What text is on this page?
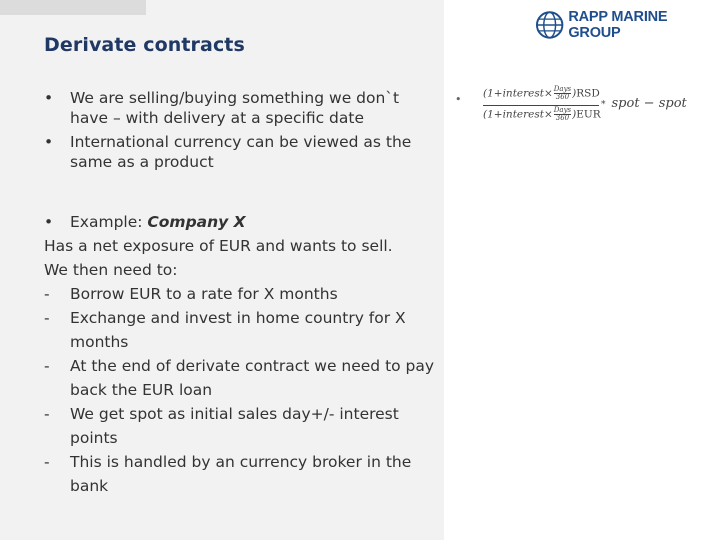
Derivate contracts
• We are selling/buying something we don`t have – with delivery at a specific date
• International currency can be viewed as the same as a product
• Example: Company X
Has a net exposure of EUR and wants to sell.
We then need to:
- Borrow EUR to a rate for X months
- Exchange and invest in home country for X months
- At the end of derivate contract we need to pay back the EUR loan
- We get spot as initial sales day+/- interest points
- This is handled by an currency broker in the bank
RAPP MARINE GROUP
• (1+interest× $\frac{\text{Days}}{360} )RSD$
(1+interest× $\frac{\text{Days}}{360} )EUR$
* spot − spot
